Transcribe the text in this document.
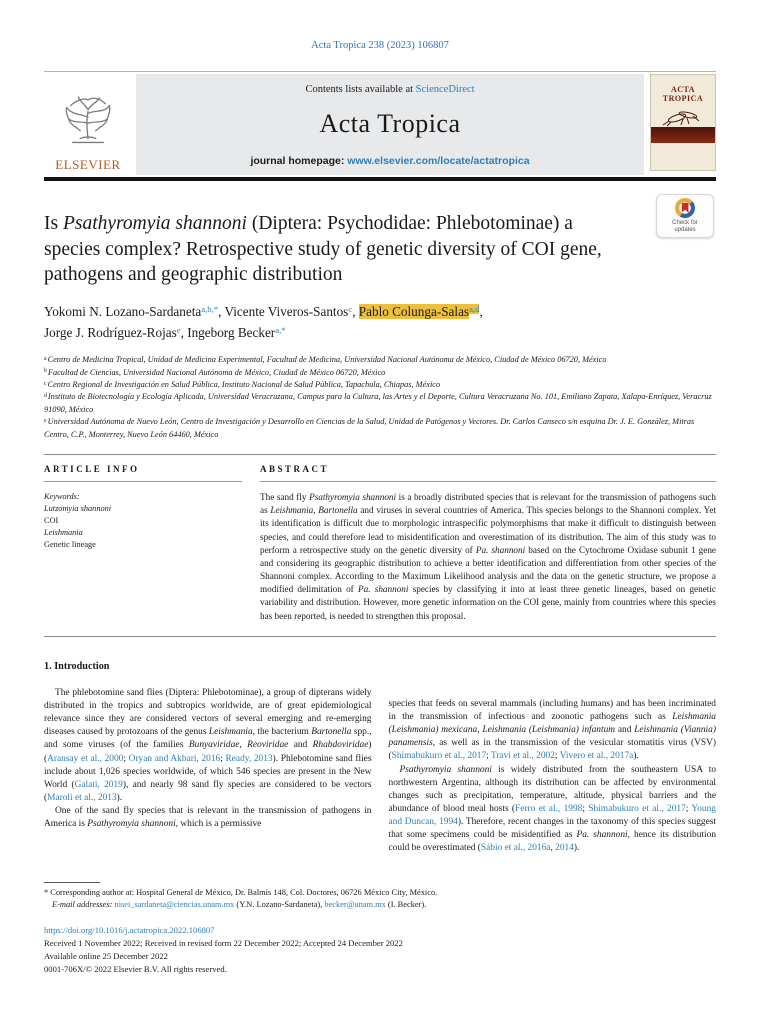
Acta Tropica 238 (2023) 106807
ELSEVIER
Contents lists available at ScienceDirect
Acta Tropica
journal homepage: www.elsevier.com/locate/actatropica
ACTA
TROPICA
Check for
updates
Is Psathyromyia shannoni (Diptera: Psychodidae: Phlebotominae) a species complex? Retrospective study of genetic diversity of COI gene, pathogens and geographic distribution
Yokomi N. Lozano-Sardaneta$^{a,b,*}$, Vicente Viveros-Santos$^c$, Pablo Colunga-Salas$^{a,d}$,
Jorge J. Rodríguez-Rojas$^e$, Ingeborg Becker$^{a,*}$
$^a$Centro de Medicina Tropical, Unidad de Medicina Experimental, Facultad de Medicina, Universidad Nacional Autónoma de México, Ciudad de México 06720, México
$^b$Facultad de Ciencias, Universidad Nacional Autónoma de México, Ciudad de México 06720, México
$^c$Centro Regional de Investigación en Salud Pública, Instituto Nacional de Salud Pública, Tapachula, Chiapas, México
$^d$Instituto de Biotecnología y Ecología Aplicada, Universidad Veracruzana, Campus para la Cultura, las Artes y el Deporte, Cultura Veracruzana No. 101, Emiliano Zapata, Xalapa-Enríquez, Veracruz 91090, México
$^e$Universidad Autónoma de Nuevo León, Centro de Investigación y Desarrollo en Ciencias de la Salud, Unidad de Patógenos y Vectores. Dr. Carlos Canseco s/n esquina Dr. J. E. González, Mitras Centro, C.P., Monterrey, Nuevo León 64460, México
ARTICLE INFO
Keywords:
Lutzomyia shannoni
COI
Leishmania
Genetic lineage
ABSTRACT
The sand fly Psathyromyia shannoni is a broadly distributed species that is relevant for the transmission of pathogens such as Leishmania, Bartonella and viruses in several countries of America. This species belongs to the Shannoni complex. Yet its identification is difficult due to morphologic intraspecific polymorphisms that make it difficult to distinguish between species, and could therefore lead to misidentification and overestimation of its distribution. The aim of this study was to perform a retrospective study on the genetic diversity of Pa. shannoni based on the Cytochrome Oxidase subunit 1 gene and considering its geographic distribution to achieve a better identification and differentiation from other species of the Shannoni complex. According to the Maximum Likelihood analysis and the data on the genetic structure, we propose a modified delimitation of Pa. shannoni species by classifying it into at least three genetic lineages, based on genetic variability and distribution. However, more genetic information on the COI gene, mainly from countries where this species has been reported, is needed to strengthen this proposal.
1. Introduction

The phlebotomine sand flies (Diptera: Phlebotominae), a group of dipterans widely distributed in the tropics and subtropics worldwide, are of great epidemiological relevance since they are considered vectors of several emerging and re-emerging diseases caused by protozoans of the genus Leishmania, the bacterium Bartonella spp., and some viruses (of the families Bunyaviridae, Reoviridae and Rhabdoviridae) (Aransay et al., 2000; Oryan and Akbari, 2016; Ready, 2013). Phlebotomine sand flies include about 1,026 species worldwide, of which 546 species are present in the New World (Galati, 2019), and nearly 98 sand fly species are considered to be vectors (Maroli et al., 2013).

One of the sand fly species that is relevant in the transmission of pathogens in America is Psathyromyia shannoni, which is a permissive

species that feeds on several mammals (including humans) and has been incriminated in the transmission of infectious and zoonotic pathogens such as Leishmania (Leishmania) mexicana, Leishmania (Leishmania) infantum and Leishmania (Viannia) panamensis, as well as in the transmission of the vesicular stomatitis virus (VSV) (Shimabukuro et al., 2017; Travi et al., 2002; Vivero et al., 2017a).

Psathyromyia shannoni is widely distributed from the southeastern USA to northwestern Argentina, although its distribution can be affected by environmental changes such as precipitation, temperature, altitude, physical barriers and the abundance of blood meal hosts (Ferro et al., 1998; Shimabukuro et al., 2017; Young and Duncan, 1994). Therefore, recent changes in the taxonomy of this species suggest that some specimens could be misidentified as Pa. shannoni, hence its distribution could be overestimated (Sábio et al., 2016a, 2014).

* Corresponding author at: Hospital General de México, Dr. Balmis 148, Col. Doctores, 06726 México City, México.
E-mail addresses: nisei_sardaneta@ciencias.unam.mx (Y.N. Lozano-Sardaneta), becker@unam.mx (I. Becker).
https://doi.org/10.1016/j.actatropica.2022.106807
Received 1 November 2022; Received in revised form 22 December 2022; Accepted 24 December 2022
Available online 25 December 2022
0001-706X/© 2022 Elsevier B.V. All rights reserved.
